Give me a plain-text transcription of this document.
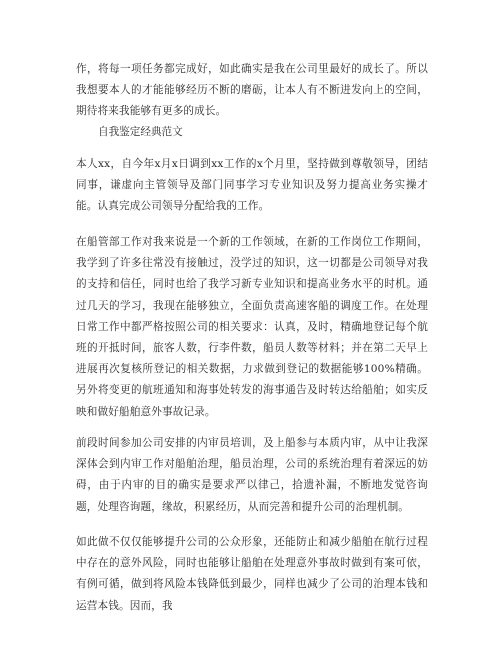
作，将每一项任务都完成好，如此确实是我在公司里最好的成长了。所以我想要本人的才能能够经历不断的磨砺，让本人有不断进发向上的空间，期待将来我能够有更多的成长。

自我鉴定经典范文

本人xx，自今年x月x日调到xx工作的x个月里，坚持做到尊敬领导，团结同事，谦虚向主管领导及部门同事学习专业知识及努力提高业务实操才能。认真完成公司领导分配给我的工作。

在船管部工作对我来说是一个新的工作领域，在新的工作岗位工作期间，我学到了许多往常没有接触过，没学过的知识，这一切都是公司领导对我的支持和信任，同时也给了我学习新专业知识和提高业务水平的时机。通过几天的学习，我现在能够独立，全面负责高速客船的调度工作。在处理日常工作中都严格按照公司的相关要求：认真，及时，精确地登记每个航班的开抵时间，旅客人数，行李件数，船员人数等材料；并在第二天早上进展再次复核所登记的相关数据，力求做到登记的数据能够100%精确。另外将变更的航班通知和海事处转发的海事通告及时转达给船舶；如实反映和做好船舶意外事故记录。

前段时间参加公司安排的内审员培训，及上船参与本质内审，从中让我深深体会到内审工作对船舶治理，船员治理，公司的系统治理有着深远的妨碍，由于内审的目的确实是要求严以律己，拾遗补漏，不断地发觉咨询题，处理咨询题，缘故，积累经历，从而完善和提升公司的治理机制。

如此做不仅仅能够提升公司的公众形象，还能防止和减少船舶在航行过程中存在的意外风险，同时也能够让船舶在处理意外事故时做到有案可依，有例可循，做到将风险本钱降低到最少，同样也减少了公司的治理本钱和运营本钱。因而，我
